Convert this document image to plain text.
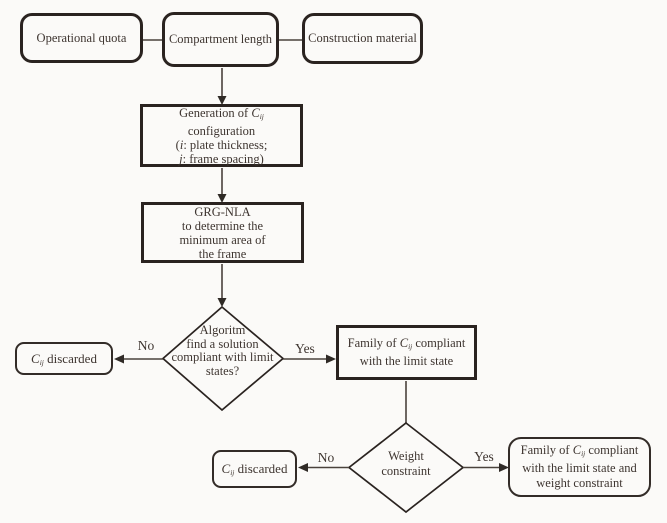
Operational quota	Compartment length	Construction material
Generation of $C_{ij}$
configuration
(i: plate thickness;
j: frame spacing)
GRG-NLA
to determine the
minimum area of
the frame
Algoritm
find a solution
compliant with limit
states?
No	Yes
$C_{ij}$ discarded
Family of $C_{ij}$ compliant
with the limit state
Weight
constraint
No	Yes
$C_{ij}$ discarded
Family of $C_{ij}$ compliant
with the limit state and
weight constraint
